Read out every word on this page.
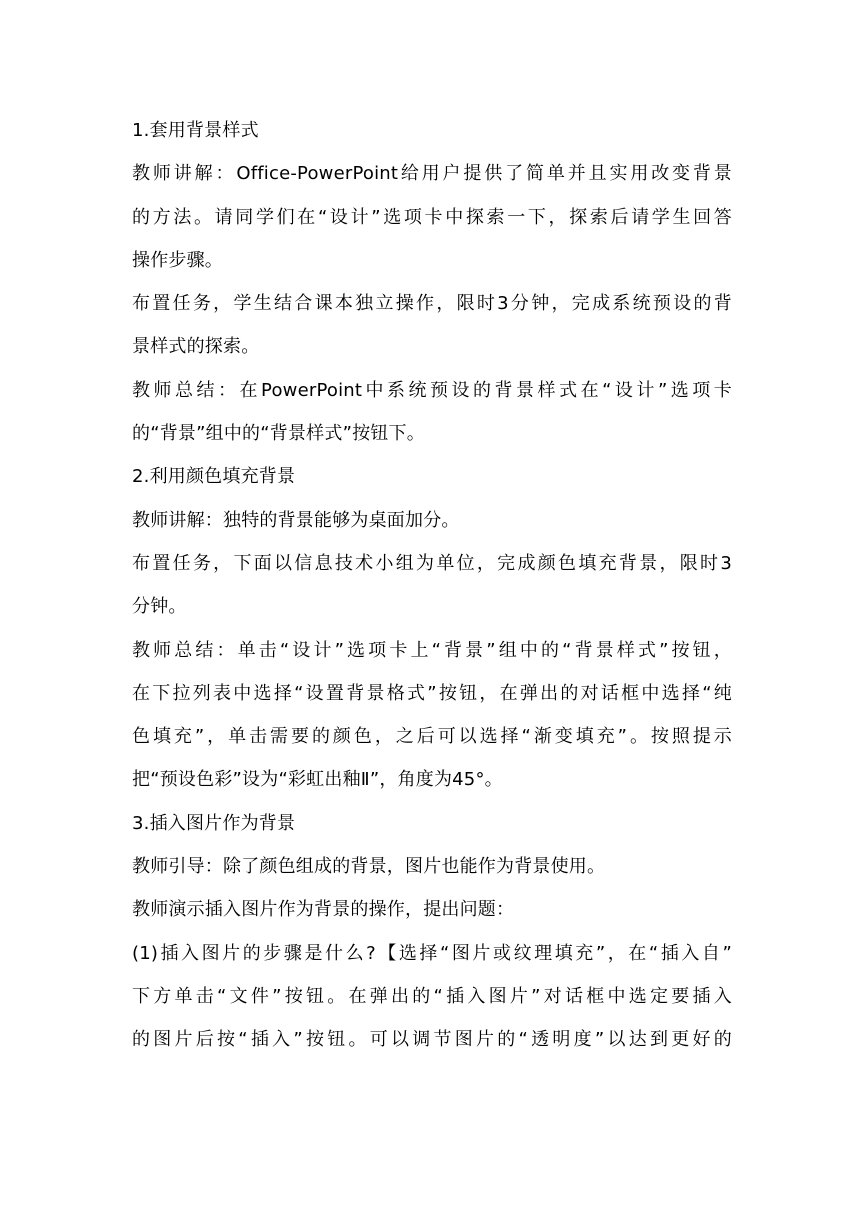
1.套用背景样式
教师讲解：Office-PowerPoint给用户提供了简单并且实用改变背景
的方法。请同学们在“设计”选项卡中探索一下，探索后请学生回答
操作步骤。
布置任务，学生结合课本独立操作，限时3分钟，完成系统预设的背
景样式的探索。
教师总结：在PowerPoint中系统预设的背景样式在“设计”选项卡
的“背景”组中的“背景样式”按钮下。
2.利用颜色填充背景
教师讲解：独特的背景能够为桌面加分。
布置任务，下面以信息技术小组为单位，完成颜色填充背景，限时3
分钟。
教师总结：单击“设计”选项卡上“背景”组中的“背景样式”按钮，
在下拉列表中选择“设置背景格式”按钮，在弹出的对话框中选择“纯
色填充”，单击需要的颜色，之后可以选择“渐变填充”。按照提示
把“预设色彩”设为“彩虹出釉Ⅱ”，角度为45°。
3.插入图片作为背景
教师引导：除了颜色组成的背景，图片也能作为背景使用。
教师演示插入图片作为背景的操作，提出问题：
(1)插入图片的步骤是什么?【选择“图片或纹理填充”，在“插入自”
下方单击“文件”按钮。在弹出的“插入图片”对话框中选定要插入
的图片后按“插入”按钮。可以调节图片的“透明度”以达到更好的
